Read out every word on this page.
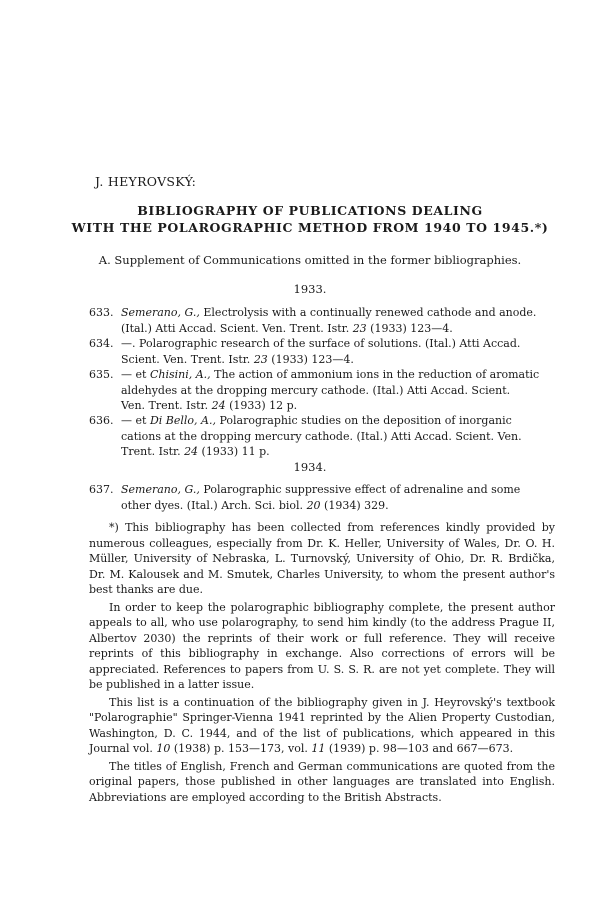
J. HEYROVSKÝ:
BIBLIOGRAPHY OF PUBLICATIONS DEALING
WITH THE POLAROGRAPHIC METHOD FROM 1940 TO 1945.*)
A. Supplement of Communications omitted in the former bibliographies.
1933.
633. Semerano, G., Electrolysis with a continually renewed cathode and anode.
(Ital.) Atti Accad. Scient. Ven. Trent. Istr. 23 (1933) 123—4.
634. —. Polarographic research of the surface of solutions. (Ital.) Atti Accad.
Scient. Ven. Trent. Istr. 23 (1933) 123—4.
635. — et Chisini, A., The action of ammonium ions in the reduction of aromatic
aldehydes at the dropping mercury cathode. (Ital.) Atti Accad. Scient.
Ven. Trent. Istr. 24 (1933) 12 p.
636. — et Di Bello, A., Polarographic studies on the deposition of inorganic
cations at the dropping mercury cathode. (Ital.) Atti Accad. Scient. Ven.
Trent. Istr. 24 (1933) 11 p.
1934.
637. Semerano, G., Polarographic suppressive effect of adrenaline and some
other dyes. (Ital.) Arch. Sci. biol. 20 (1934) 329.

*) This bibliography has been collected from references kindly provided by numerous colleagues, especially from Dr. K. Heller, University of Wales, Dr. O. H. Müller, University of Nebraska, L. Turnovský, University of Ohio, Dr. R. Brdička, Dr. M. Kalousek and M. Smutek, Charles University, to whom the present author's best thanks are due.

In order to keep the polarographic bibliography complete, the present author appeals to all, who use polarography, to send him kindly (to the address Prague II, Albertov 2030) the reprints of their work or full reference. They will receive reprints of this bibliography in exchange. Also corrections of errors will be appreciated. References to papers from U. S. S. R. are not yet complete. They will be published in a latter issue.

This list is a continuation of the bibliography given in J. Heyrovský's textbook "Polarographie" Springer-Vienna 1941 reprinted by the Alien Property Custodian, Washington, D. C. 1944, and of the list of publications, which appeared in this Journal vol. 10 (1938) p. 153—173, vol. 11 (1939) p. 98—103 and 667—673.

The titles of English, French and German communications are quoted from the original papers, those published in other languages are translated into English. Abbreviations are employed according to the British Abstracts.
